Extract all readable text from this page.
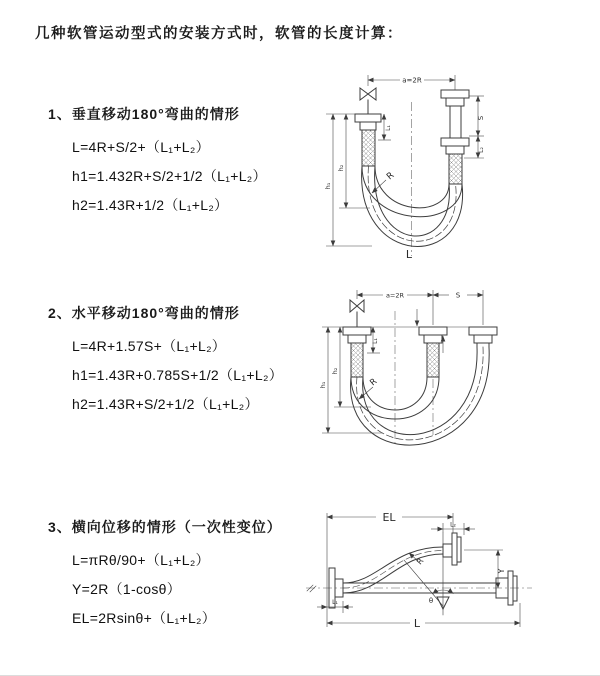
几种软管运动型式的安装方式时，软管的长度计算：
1、垂直移动180°弯曲的情形
L=4R+S/2+（L₁+L₂）
h1=1.432R+S/2+1/2（L₁+L₂）
h2=1.43R+1/2（L₁+L₂）
2、水平移动180°弯曲的情形
L=4R+1.57S+（L₁+L₂）
h1=1.43R+0.785S+1/2（L₁+L₂）
h2=1.43R+S/2+1/2（L₁+L₂）
3、横向位移的情形（一次性变位）
L=πRθ/90+（L₁+L₂）
Y=2R（1-cosθ）
EL=2Rsinθ+（L₁+L₂）
a=2R
h₁
h₂
L₁
S
L₂
R
L
a=2R	S
h₁
h₂
L₁
R
EL
L₂
Y
R
θ
L
L₁
